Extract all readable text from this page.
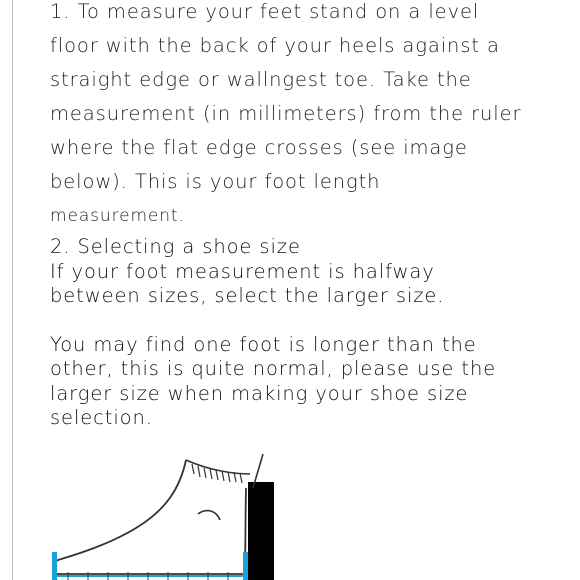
1. To measure your feet stand on a level
floor with the back of your heels against a
straight edge or wallngest toe. Take the
measurement (in millimeters) from the ruler
where the flat edge crosses (see image
below). This is your foot length
measurement.

2. Selecting a shoe size
If your foot measurement is halfway
between sizes, select the larger size.

You may find one foot is longer than the
other, this is quite normal, please use the
larger size when making your shoe size
selection.
